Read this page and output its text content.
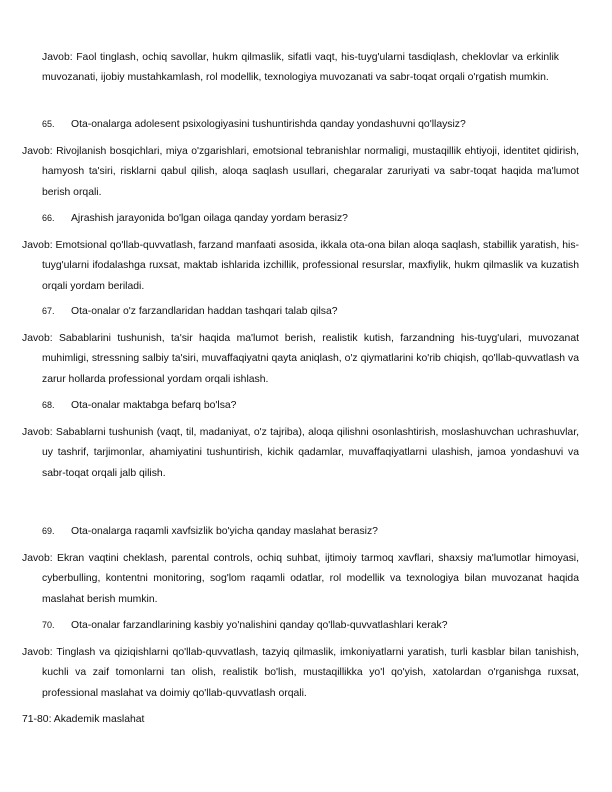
Javob: Faol tinglash, ochiq savollar, hukm qilmaslik, sifatli vaqt, his-tuyg'ularni tasdiqlash, cheklovlar va erkinlik muvozanati, ijobiy mustahkamlash, rol modellik, texnologiya muvozanati va sabr-toqat orqali o'rgatish mumkin.

65. Ota-onalarga adolesent psixologiyasini tushuntirishda qanday yondashuvni qo'llaysiz?

Javob: Rivojlanish bosqichlari, miya o'zgarishlari, emotsional tebranishlar normaligi, mustaqillik ehtiyoji, identitet qidirish, hamyosh ta'siri, risklarni qabul qilish, aloqa saqlash usullari, chegaralar zaruriyati va sabr-toqat haqida ma'lumot berish orqali.

66. Ajrashish jarayonida bo'lgan oilaga qanday yordam berasiz?

Javob: Emotsional qo'llab-quvvatlash, farzand manfaati asosida, ikkala ota-ona bilan aloqa saqlash, stabillik yaratish, his-tuyg'ularni ifodalashga ruxsat, maktab ishlarida izchillik, professional resurslar, maxfiylik, hukm qilmaslik va kuzatish orqali yordam beriladi.

67. Ota-onalar o'z farzandlaridan haddan tashqari talab qilsa?

Javob: Sabablarini tushunish, ta'sir haqida ma'lumot berish, realistik kutish, farzandning his-tuyg'ulari, muvozanat muhimligi, stressning salbiy ta'siri, muvaffaqiyatni qayta aniqlash, o'z qiymatlarini ko'rib chiqish, qo'llab-quvvatlash va zarur hollarda professional yordam orqali ishlash.

68. Ota-onalar maktabga befarq bo'lsa?

Javob: Sabablarni tushunish (vaqt, til, madaniyat, o'z tajriba), aloqa qilishni osonlashtirish, moslashuvchan uchrashuvlar, uy tashrif, tarjimonlar, ahamiyatini tushuntirish, kichik qadamlar, muvaffaqiyatlarni ulashish, jamoa yondashuvi va sabr-toqat orqali jalb qilish.

69. Ota-onalarga raqamli xavfsizlik bo'yicha qanday maslahat berasiz?

Javob: Ekran vaqtini cheklash, parental controls, ochiq suhbat, ijtimoiy tarmoq xavflari, shaxsiy ma'lumotlar himoyasi, cyberbulling, kontentni monitoring, sog'lom raqamli odatlar, rol modellik va texnologiya bilan muvozanat haqida maslahat berish mumkin.

70. Ota-onalar farzandlarining kasbiy yo'nalishini qanday qo'llab-quvvatlashlari kerak?

Javob: Tinglash va qiziqishlarni qo'llab-quvvatlash, tazyiq qilmaslik, imkoniyatlarni yaratish, turli kasblar bilan tanishish, kuchli va zaif tomonlarni tan olish, realistik bo'lish, mustaqillikka yo'l qo'yish, xatolardan o'rganishga ruxsat, professional maslahat va doimiy qo'llab-quvvatlash orqali.

71-80: Akademik maslahat
